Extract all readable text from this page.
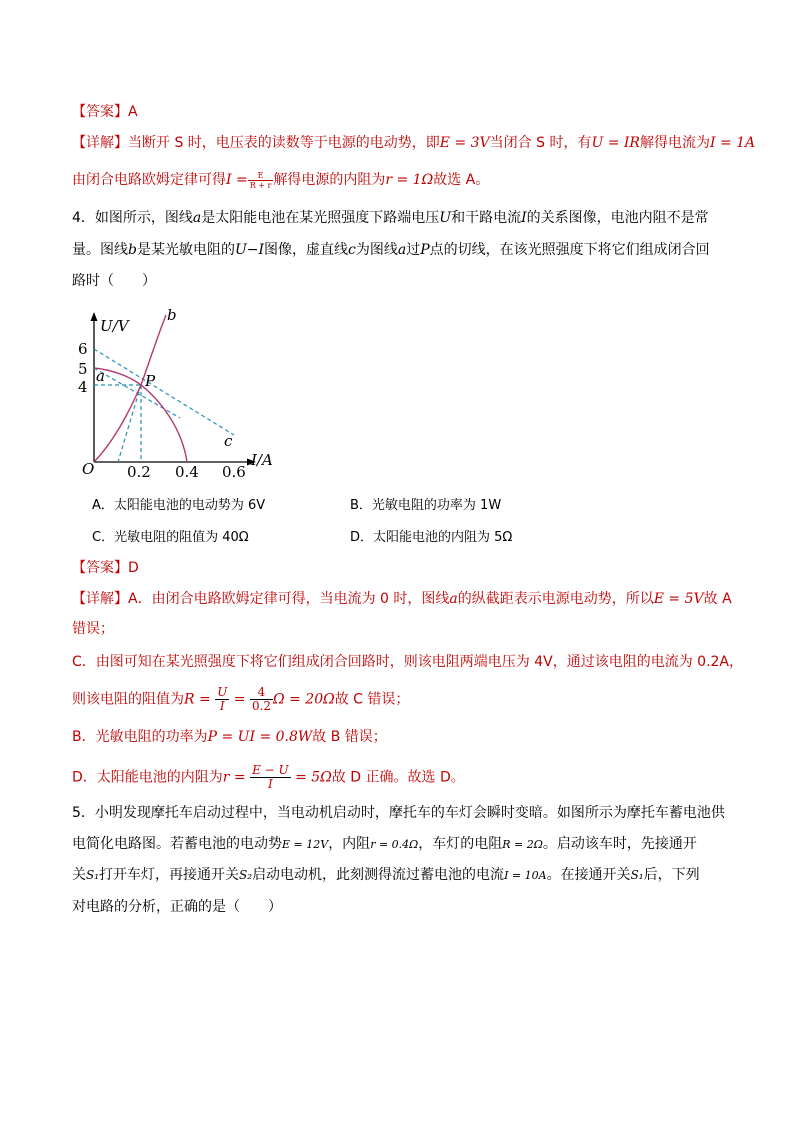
【答案】A
【详解】当断开 S 时，电压表的读数等于电源的电动势，即E = 3V当闭合 S 时，有U = IR解得电流为I = 1A
由闭合电路欧姆定律可得$I = \frac{E}{R + r}$ 解得电源的内阻为r = 1Ω故选 A。
4．如图所示，图线a是太阳能电池在某光照强度下路端电压U和干路电流I的关系图像，电池内阻不是常
量。图线b是某光敏电阻的U−I图像，虚直线c为图线a过P点的切线，在该光照强度下将它们组成闭合回
路时（　　）
U/V
I/A
O
6
5
4
0.2 0.4 0.6
a
b
c
P
A．太阳能电池的电动势为 6V	B．光敏电阻的功率为 1W
C．光敏电阻的阻值为 40Ω	D．太阳能电池的内阻为 5Ω
【答案】D
【详解】A．由闭合电路欧姆定律可得，当电流为 0 时，图线a的纵截距表示电源电动势，所以E = 5V故 A
错误；
C．由图可知在某光照强度下将它们组成闭合回路时，则该电阻两端电压为 4V，通过该电阻的电流为 0.2A，
则该电阻的阻值为$R = \frac{U}{I} = \frac{4}{0.2}$ Ω = 20Ω故 C 错误；
B．光敏电阻的功率为P = UI = 0.8W故 B 错误；
D．太阳能电池的内阻为$r = \frac{E - U}{I} = 5\Omega$故 D 正确。故选 D。
5．小明发现摩托车启动过程中，当电动机启动时，摩托车的车灯会瞬时变暗。如图所示为摩托车蓄电池供
电简化电路图。若蓄电池的电动势E = 12V，内阻r = 0.4Ω，车灯的电阻R = 2Ω。启动该车时，先接通开
关S₁打开车灯，再接通开关S₂启动电动机，此刻测得流过蓄电池的电流I = 10A。在接通开关S₁后，下列
对电路的分析，正确的是（　　）
